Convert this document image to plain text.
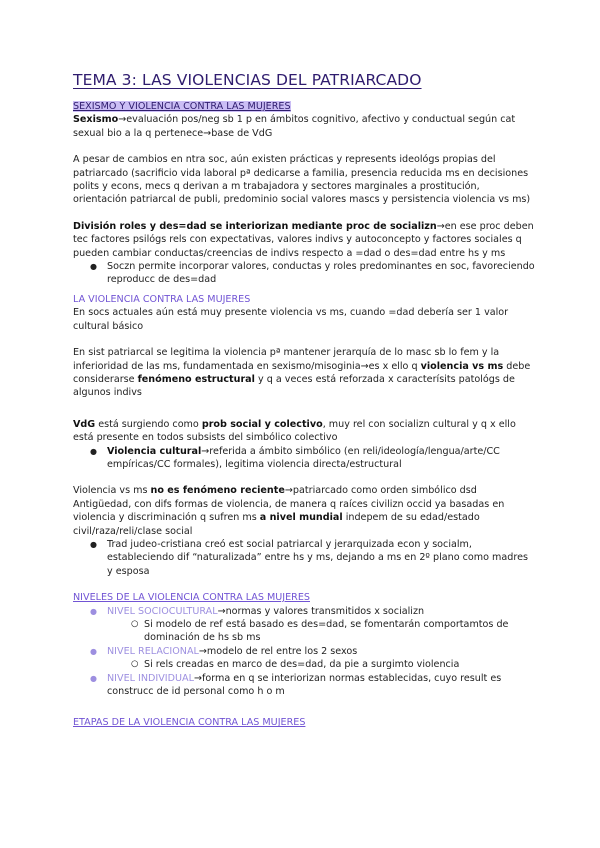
TEMA 3: LAS VIOLENCIAS DEL PATRIARCADO

SEXISMO Y VIOLENCIA CONTRA LAS MUJERES

Sexismo→evaluación pos/neg sb 1 p en ámbitos cognitivo, afectivo y conductual según cat sexual bio a la q pertenece→base de VdG

A pesar de cambios en ntra soc, aún existen prácticas y represents ideológs propias del patriarcado (sacrificio vida laboral pª dedicarse a familia, presencia reducida ms en decisiones polits y econs, mecs q derivan a m trabajadora y sectores marginales a prostitución, orientación patriarcal de publi, predominio social valores mascs y persistencia violencia vs ms)

División roles y des=dad se interiorizan mediante proc de socializn→en ese proc deben tec factores psilógs rels con expectativas, valores indivs y autoconcepto y factores sociales q pueden cambiar conductas/creencias de indivs respecto a =dad o des=dad entre hs y ms

● Soczn permite incorporar valores, conductas y roles predominantes en soc, favoreciendo reproducc de des=dad

LA VIOLENCIA CONTRA LAS MUJERES

En socs actuales aún está muy presente violencia vs ms, cuando =dad debería ser 1 valor cultural básico

En sist patriarcal se legitima la violencia pª mantener jerarquía de lo masc sb lo fem y la inferioridad de las ms, fundamentada en sexismo/misoginia→es x ello q violencia vs ms debe considerarse fenómeno estructural y q a veces está reforzada x caracterísits patológs de algunos indivs

VdG está surgiendo como prob social y colectivo, muy rel con socializn cultural y q x ello está presente en todos subsists del simbólico colectivo

● Violencia cultural→referida a ámbito simbólico (en reli/ideología/lengua/arte/CC empíricas/CC formales), legitima violencia directa/estructural

Violencia vs ms no es fenómeno reciente→patriarcado como orden simbólico dsd Antigüedad, con difs formas de violencia, de manera q raíces civilizn occid ya basadas en violencia y discriminación q sufren ms a nivel mundial indepem de su edad/estado civil/raza/reli/clase social

● Trad judeo-cristiana creó est social patriarcal y jerarquizada econ y socialm, estableciendo dif “naturalizada” entre hs y ms, dejando a ms en 2º plano como madres y esposa

NIVELES DE LA VIOLENCIA CONTRA LAS MUJERES

● NIVEL SOCIOCULTURAL→normas y valores transmitidos x socializn
○ Si modelo de ref está basado es des=dad, se fomentarán comportamtos de dominación de hs sb ms
● NIVEL RELACIONAL→modelo de rel entre los 2 sexos
○ Si rels creadas en marco de des=dad, da pie a surgimto violencia
● NIVEL INDIVIDUAL→forma en q se interiorizan normas establecidas, cuyo result es construcc de id personal como h o m

ETAPAS DE LA VIOLENCIA CONTRA LAS MUJERES
